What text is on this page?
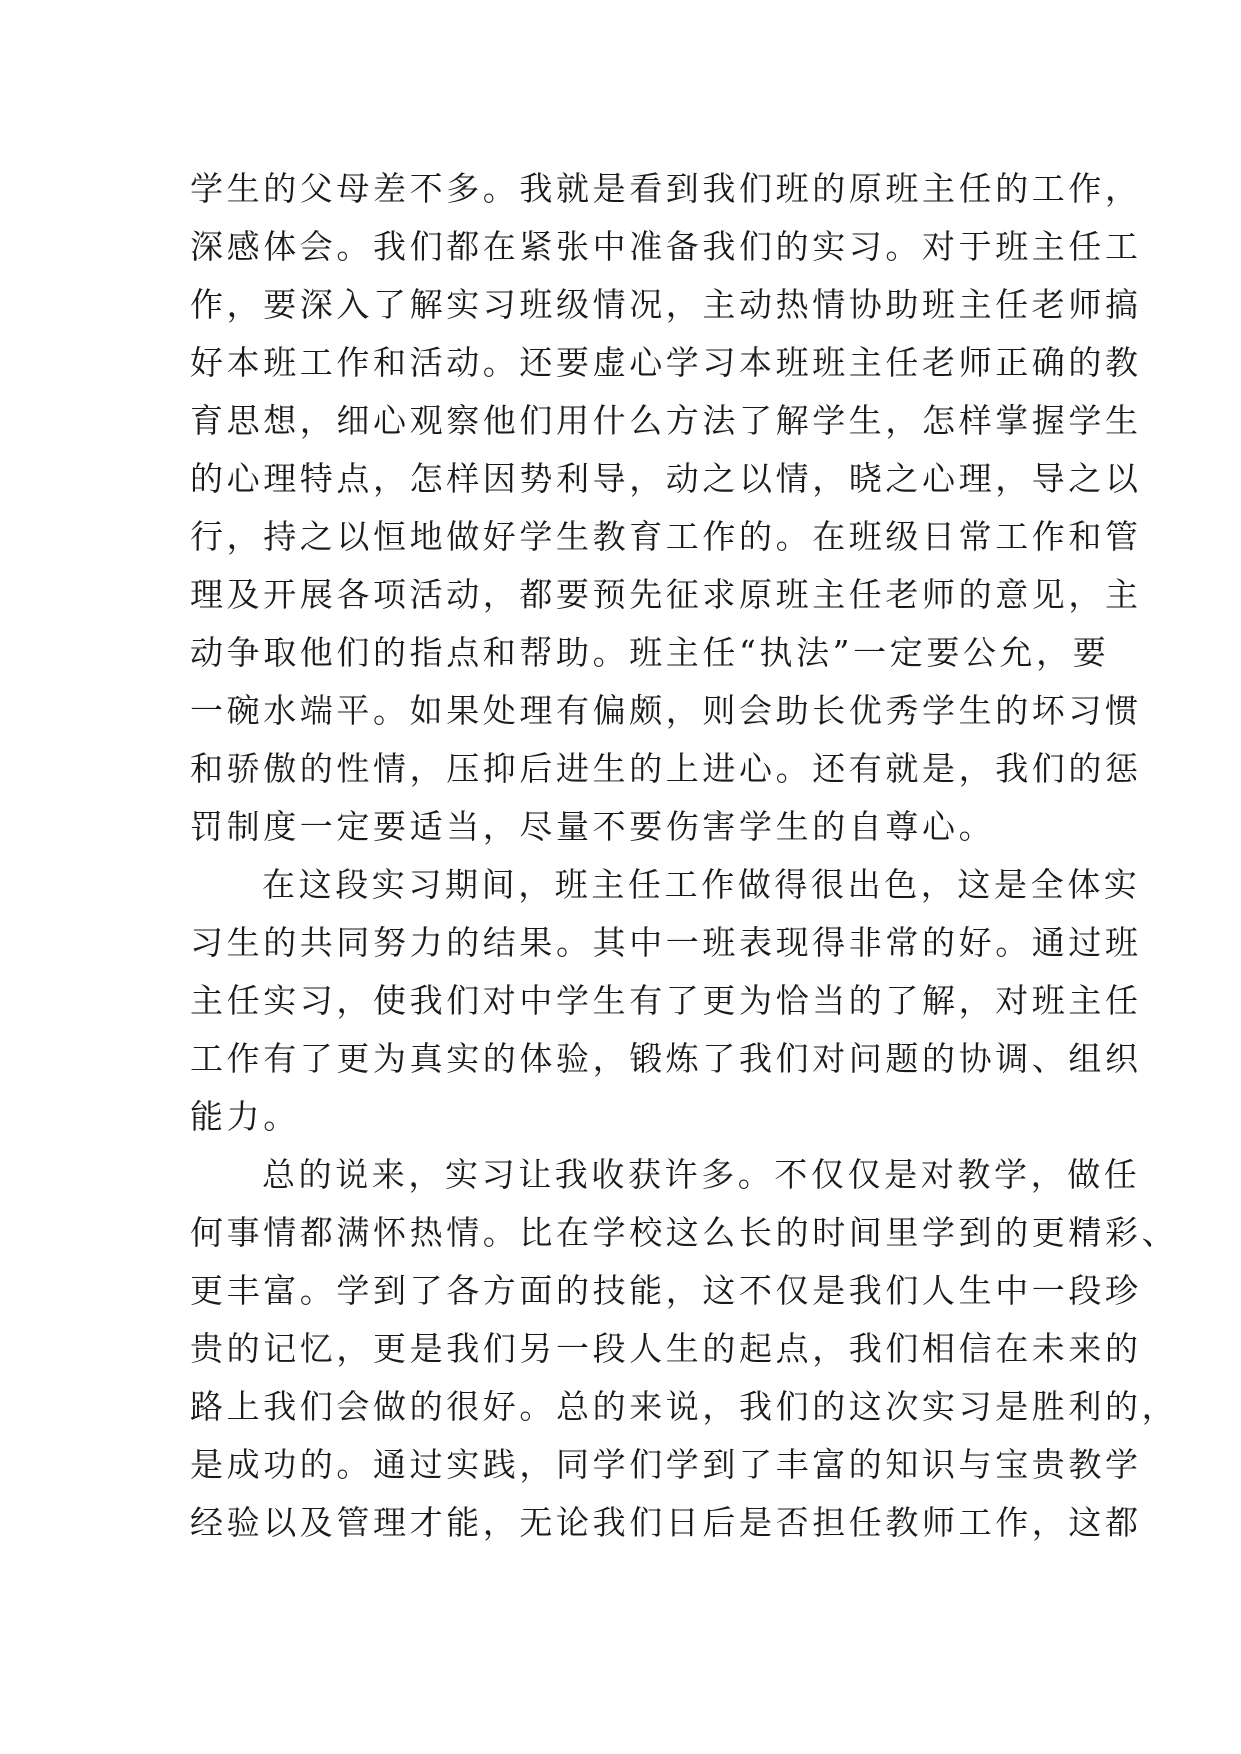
学生的父母差不多。我就是看到我们班的原班主任的工作，
深感体会。我们都在紧张中准备我们的实习。对于班主任工
作，要深入了解实习班级情况，主动热情协助班主任老师搞
好本班工作和活动。还要虚心学习本班班主任老师正确的教
育思想，细心观察他们用什么方法了解学生，怎样掌握学生
的心理特点，怎样因势利导，动之以情，晓之心理，导之以
行，持之以恒地做好学生教育工作的。在班级日常工作和管
理及开展各项活动，都要预先征求原班主任老师的意见，主
动争取他们的指点和帮助。班主任“执法”一定要公允，要
一碗水端平。如果处理有偏颇，则会助长优秀学生的坏习惯
和骄傲的性情，压抑后进生的上进心。还有就是，我们的惩
罚制度一定要适当，尽量不要伤害学生的自尊心。
在这段实习期间，班主任工作做得很出色，这是全体实
习生的共同努力的结果。其中一班表现得非常的好。通过班
主任实习，使我们对中学生有了更为恰当的了解，对班主任
工作有了更为真实的体验，锻炼了我们对问题的协调、组织
能力。
总的说来，实习让我收获许多。不仅仅是对教学，做任
何事情都满怀热情。比在学校这么长的时间里学到的更精彩、
更丰富。学到了各方面的技能，这不仅是我们人生中一段珍
贵的记忆，更是我们另一段人生的起点，我们相信在未来的
路上我们会做的很好。总的来说，我们的这次实习是胜利的，
是成功的。通过实践，同学们学到了丰富的知识与宝贵教学
经验以及管理才能，无论我们日后是否担任教师工作，这都
